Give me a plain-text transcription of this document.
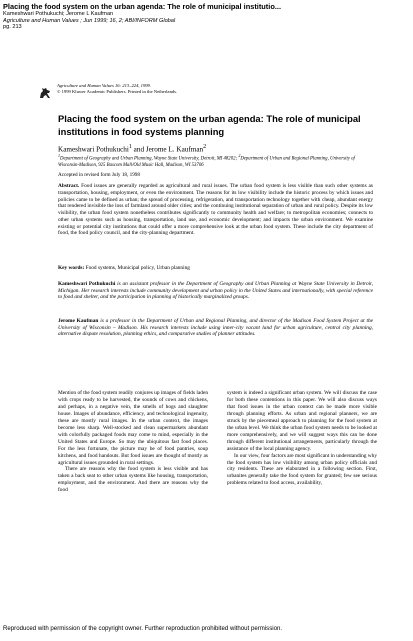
Placing the food system on the urban agenda: The role of municipal institutio...
Kameshwari Pothukuchi; Jerome L Kaufman
Agriculture and Human Values ; Jun 1999; 16, 2; ABI/INFORM Global
pg. 213
Agriculture and Human Values 16: 213–224, 1999.
© 1999 Kluwer Academic Publishers. Printed in the Netherlands.
Placing the food system on the urban agenda: The role of municipal institutions in food systems planning
Kameshwari Pothukuchi$^1$ and Jerome L. Kaufman$^2$
$^1$Department of Geography and Urban Planning, Wayne State University, Detroit, MI 48202; $^2$Department of Urban and Regional Planning, University of Wisconsin-Madison, 925 Bascom Mall/Old Music Hall, Madison, WI 53706
Accepted in revised form July 18, 1998
Abstract. Food issues are generally regarded as agricultural and rural issues. The urban food system is less visible than such other systems as transportation, housing, employment, or even the environment. The reasons for its low visibility include the historic process by which issues and policies came to be defined as urban; the spread of processing, refrigeration, and transportation technology together with cheap, abundant energy that rendered invisible the loss of farmland around older cities; and the continuing institutional separation of urban and rural policy. Despite its low visibility, the urban food system nonetheless contributes significantly to community health and welfare; to metropolitan economies; connects to other urban systems such as housing, transportation, land use, and economic development; and impacts the urban environment. We examine existing or potential city institutions that could offer a more comprehensive look at the urban food system. These include the city department of food, the food policy council, and the city-planning department.
Key words: Food systems, Municipal policy, Urban planning
Kameshwari Pothukuchi is an assistant professor in the Department of Geography and Urban Planning at Wayne State University in Detroit, Michigan. Her research interests include community development and urban policy in the United States and internationally, with special reference to food and shelter, and the participation in planning of historically marginalized groups.
Jerome Kaufman is a professor in the Department of Urban and Regional Planning, and director of the Madison Food System Project at the University of Wisconsin – Madison. His research interests include using inner-city vacant land for urban agriculture, central city planning, alternative dispute resolution, planning ethics, and comparative studies of planner attitudes.

Mention of the food system readily conjures up images of fields laden with crops ready to be harvested, the sounds of cows and chickens, and perhaps, in a negative vein, the smells of hogs and slaughter house. Images of abundance, efficiency, and technological ingenuity, these are mostly rural images. In the urban context, the images become less sharp. Well-stocked and clean supermarkets abundant with colorfully packaged foods may come to mind, especially in the United States and Europe. So may the ubiquitous fast food places. For the less fortunate, the picture may be of food pantries, soup kitchens, and food handouts. But food issues are thought of mostly as agricultural issues grounded in rural settings.

There are reasons why the food system is less visible and has taken a back seat to other urban systems like housing, transportation, employment, and the environment. And there are reasons why the food

system is indeed a significant urban system. We will discuss the case for both these contentions in this paper. We will also discuss ways that food issues in the urban context can be made more visible through planning efforts. As urban and regional planners, we are struck by the piecemeal approach to planning for the food system at the urban level. We think the urban food system needs to be looked at more comprehensively, and we will suggest ways this can be done through different institutional arrangements, particularly through the assistance of the local planning agency.

In our view, four factors are most significant in understanding why the food system has low visibility among urban policy officials and city residents. These are elaborated in a following section. First, urbanites generally take the food system for granted; few see serious problems related to food access, availability,

Reproduced with permission of the copyright owner. Further reproduction prohibited without permission.
